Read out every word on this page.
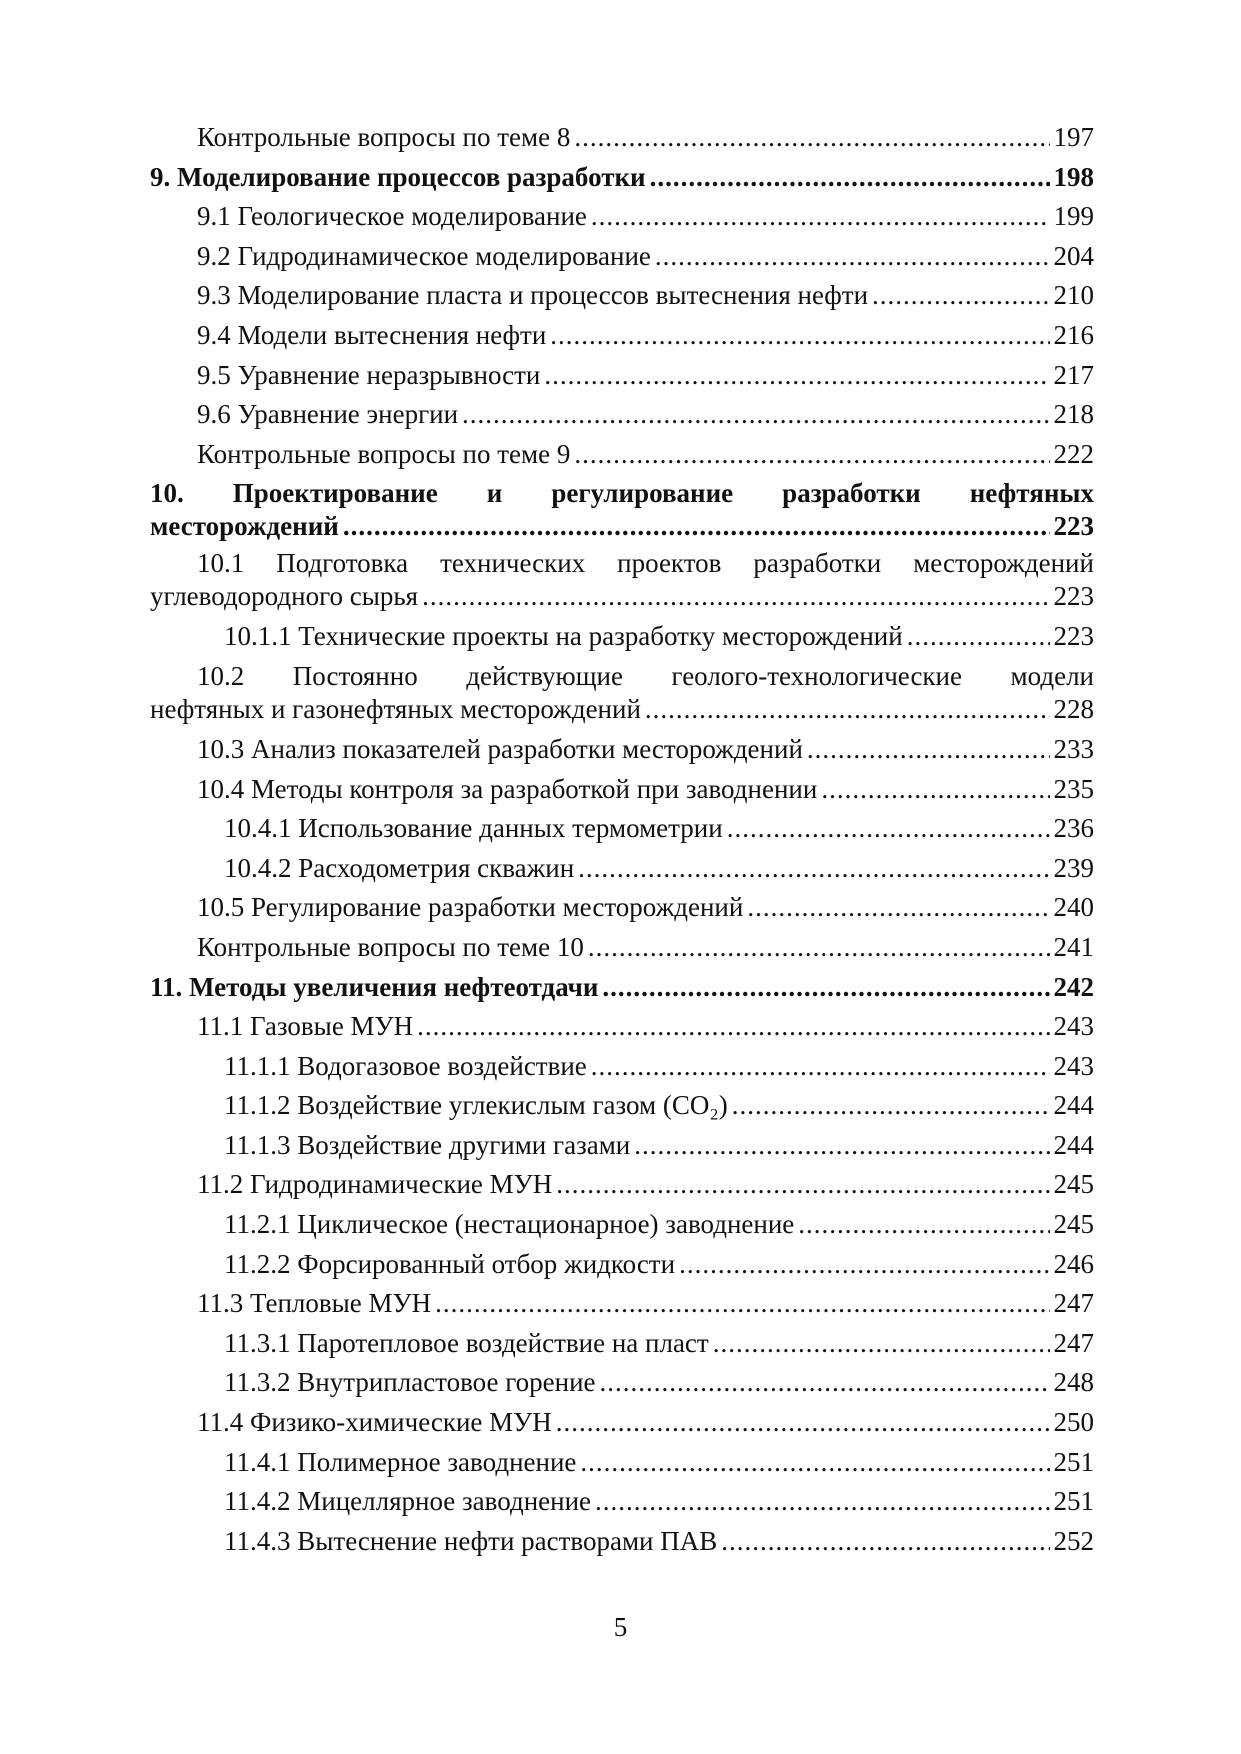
Контрольные вопросы по теме 8 .....	197
9. Моделирование процессов разработки .....	198
9.1 Геологическое моделирование .....	199
9.2 Гидродинамическое моделирование .....	204
9.3 Моделирование пласта и процессов вытеснения нефти .....	210
9.4 Модели вытеснения нефти .....	216
9.5 Уравнение неразрывности .....	217
9.6 Уравнение энергии .....	218
Контрольные вопросы по теме 9 .....	222
10. Проектирование и регулирование разработки нефтяных
месторождений .....	223
10.1 Подготовка технических проектов разработки месторождений
углеводородного сырья .....	223
10.1.1 Технические проекты на разработку месторождений .....	223
10.2 Постоянно действующие геолого-технологические модели
нефтяных и газонефтяных месторождений .....	228
10.3 Анализ показателей разработки месторождений .....	233
10.4 Методы контроля за разработкой при заводнении .....	235
10.4.1 Использование данных термометрии .....	236
10.4.2 Расходометрия скважин .....	239
10.5 Регулирование разработки месторождений .....	240
Контрольные вопросы по теме 10 .....	241
11. Методы увеличения нефтеотдачи .....	242
11.1 Газовые МУН .....	243
11.1.1 Водогазовое воздействие .....	243
11.1.2 Воздействие углекислым газом (CO₂) .....	244
11.1.3 Воздействие другими газами .....	244
11.2 Гидродинамические МУН .....	245
11.2.1 Циклическое (нестационарное) заводнение .....	245
11.2.2 Форсированный отбор жидкости .....	246
11.3 Тепловые МУН .....	247
11.3.1 Паротепловое воздействие на пласт .....	247
11.3.2 Внутрипластовое горение .....	248
11.4 Физико-химические МУН .....	250
11.4.1 Полимерное заводнение .....	251
11.4.2 Мицеллярное заводнение .....	251
11.4.3 Вытеснение нефти растворами ПАВ .....	252
5
